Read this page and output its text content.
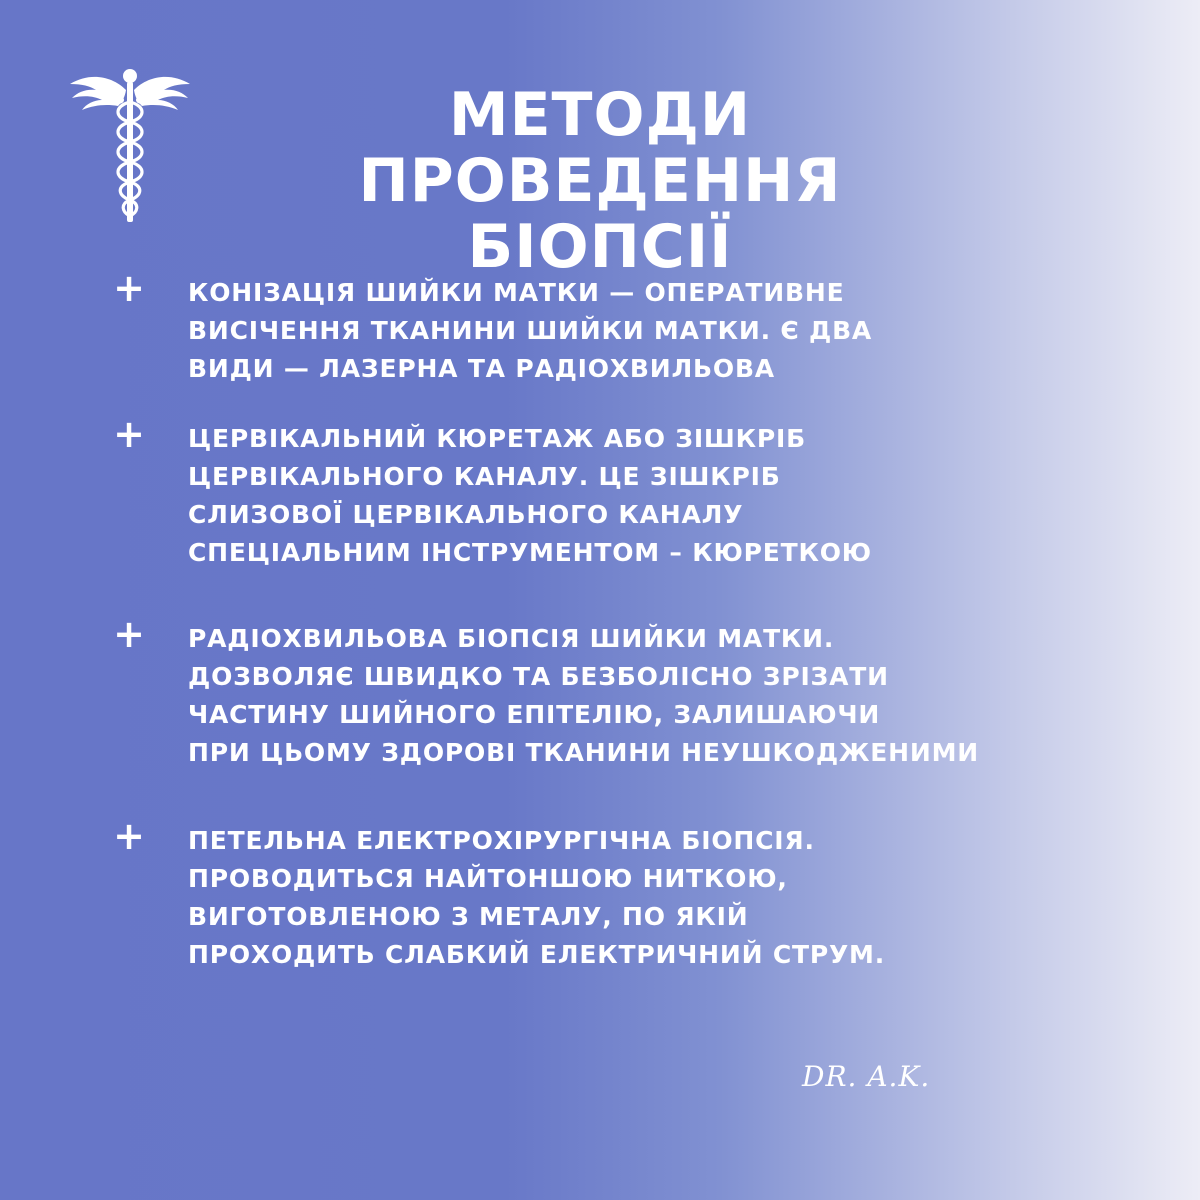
МЕТОДИ ПРОВЕДЕННЯ
БІОПСІЇ
+ КОНІЗАЦІЯ ШИЙКИ МАТКИ — ОПЕРАТИВНЕ
ВИСІЧЕННЯ ТКАНИНИ ШИЙКИ МАТКИ. Є ДВА
ВИДИ — ЛАЗЕРНА ТА РАДІОХВИЛЬОВА
+ ЦЕРВІКАЛЬНИЙ КЮРЕТАЖ АБО ЗІШКРІБ
ЦЕРВІКАЛЬНОГО КАНАЛУ. ЦЕ ЗІШКРІБ
СЛИЗОВОЇ ЦЕРВІКАЛЬНОГО КАНАЛУ
СПЕЦІАЛЬНИМ ІНСТРУМЕНТОМ – КЮРЕТКОЮ
+ РАДІОХВИЛЬОВА БІОПСІЯ ШИЙКИ МАТКИ.
ДОЗВОЛЯЄ ШВИДКО ТА БЕЗБОЛІСНО ЗРІЗАТИ
ЧАСТИНУ ШИЙНОГО ЕПІТЕЛІЮ, ЗАЛИШАЮЧИ
ПРИ ЦЬОМУ ЗДОРОВІ ТКАНИНИ НЕУШКОДЖЕНИМИ
+ ПЕТЕЛЬНА ЕЛЕКТРОХІРУРГІЧНА БІОПСІЯ.
ПРОВОДИТЬСЯ НАЙТОНШОЮ НИТКОЮ,
ВИГОТОВЛЕНОЮ З МЕТАЛУ, ПО ЯКІЙ
ПРОХОДИТЬ СЛАБКИЙ ЕЛЕКТРИЧНИЙ СТРУМ.
DR. A.K.
